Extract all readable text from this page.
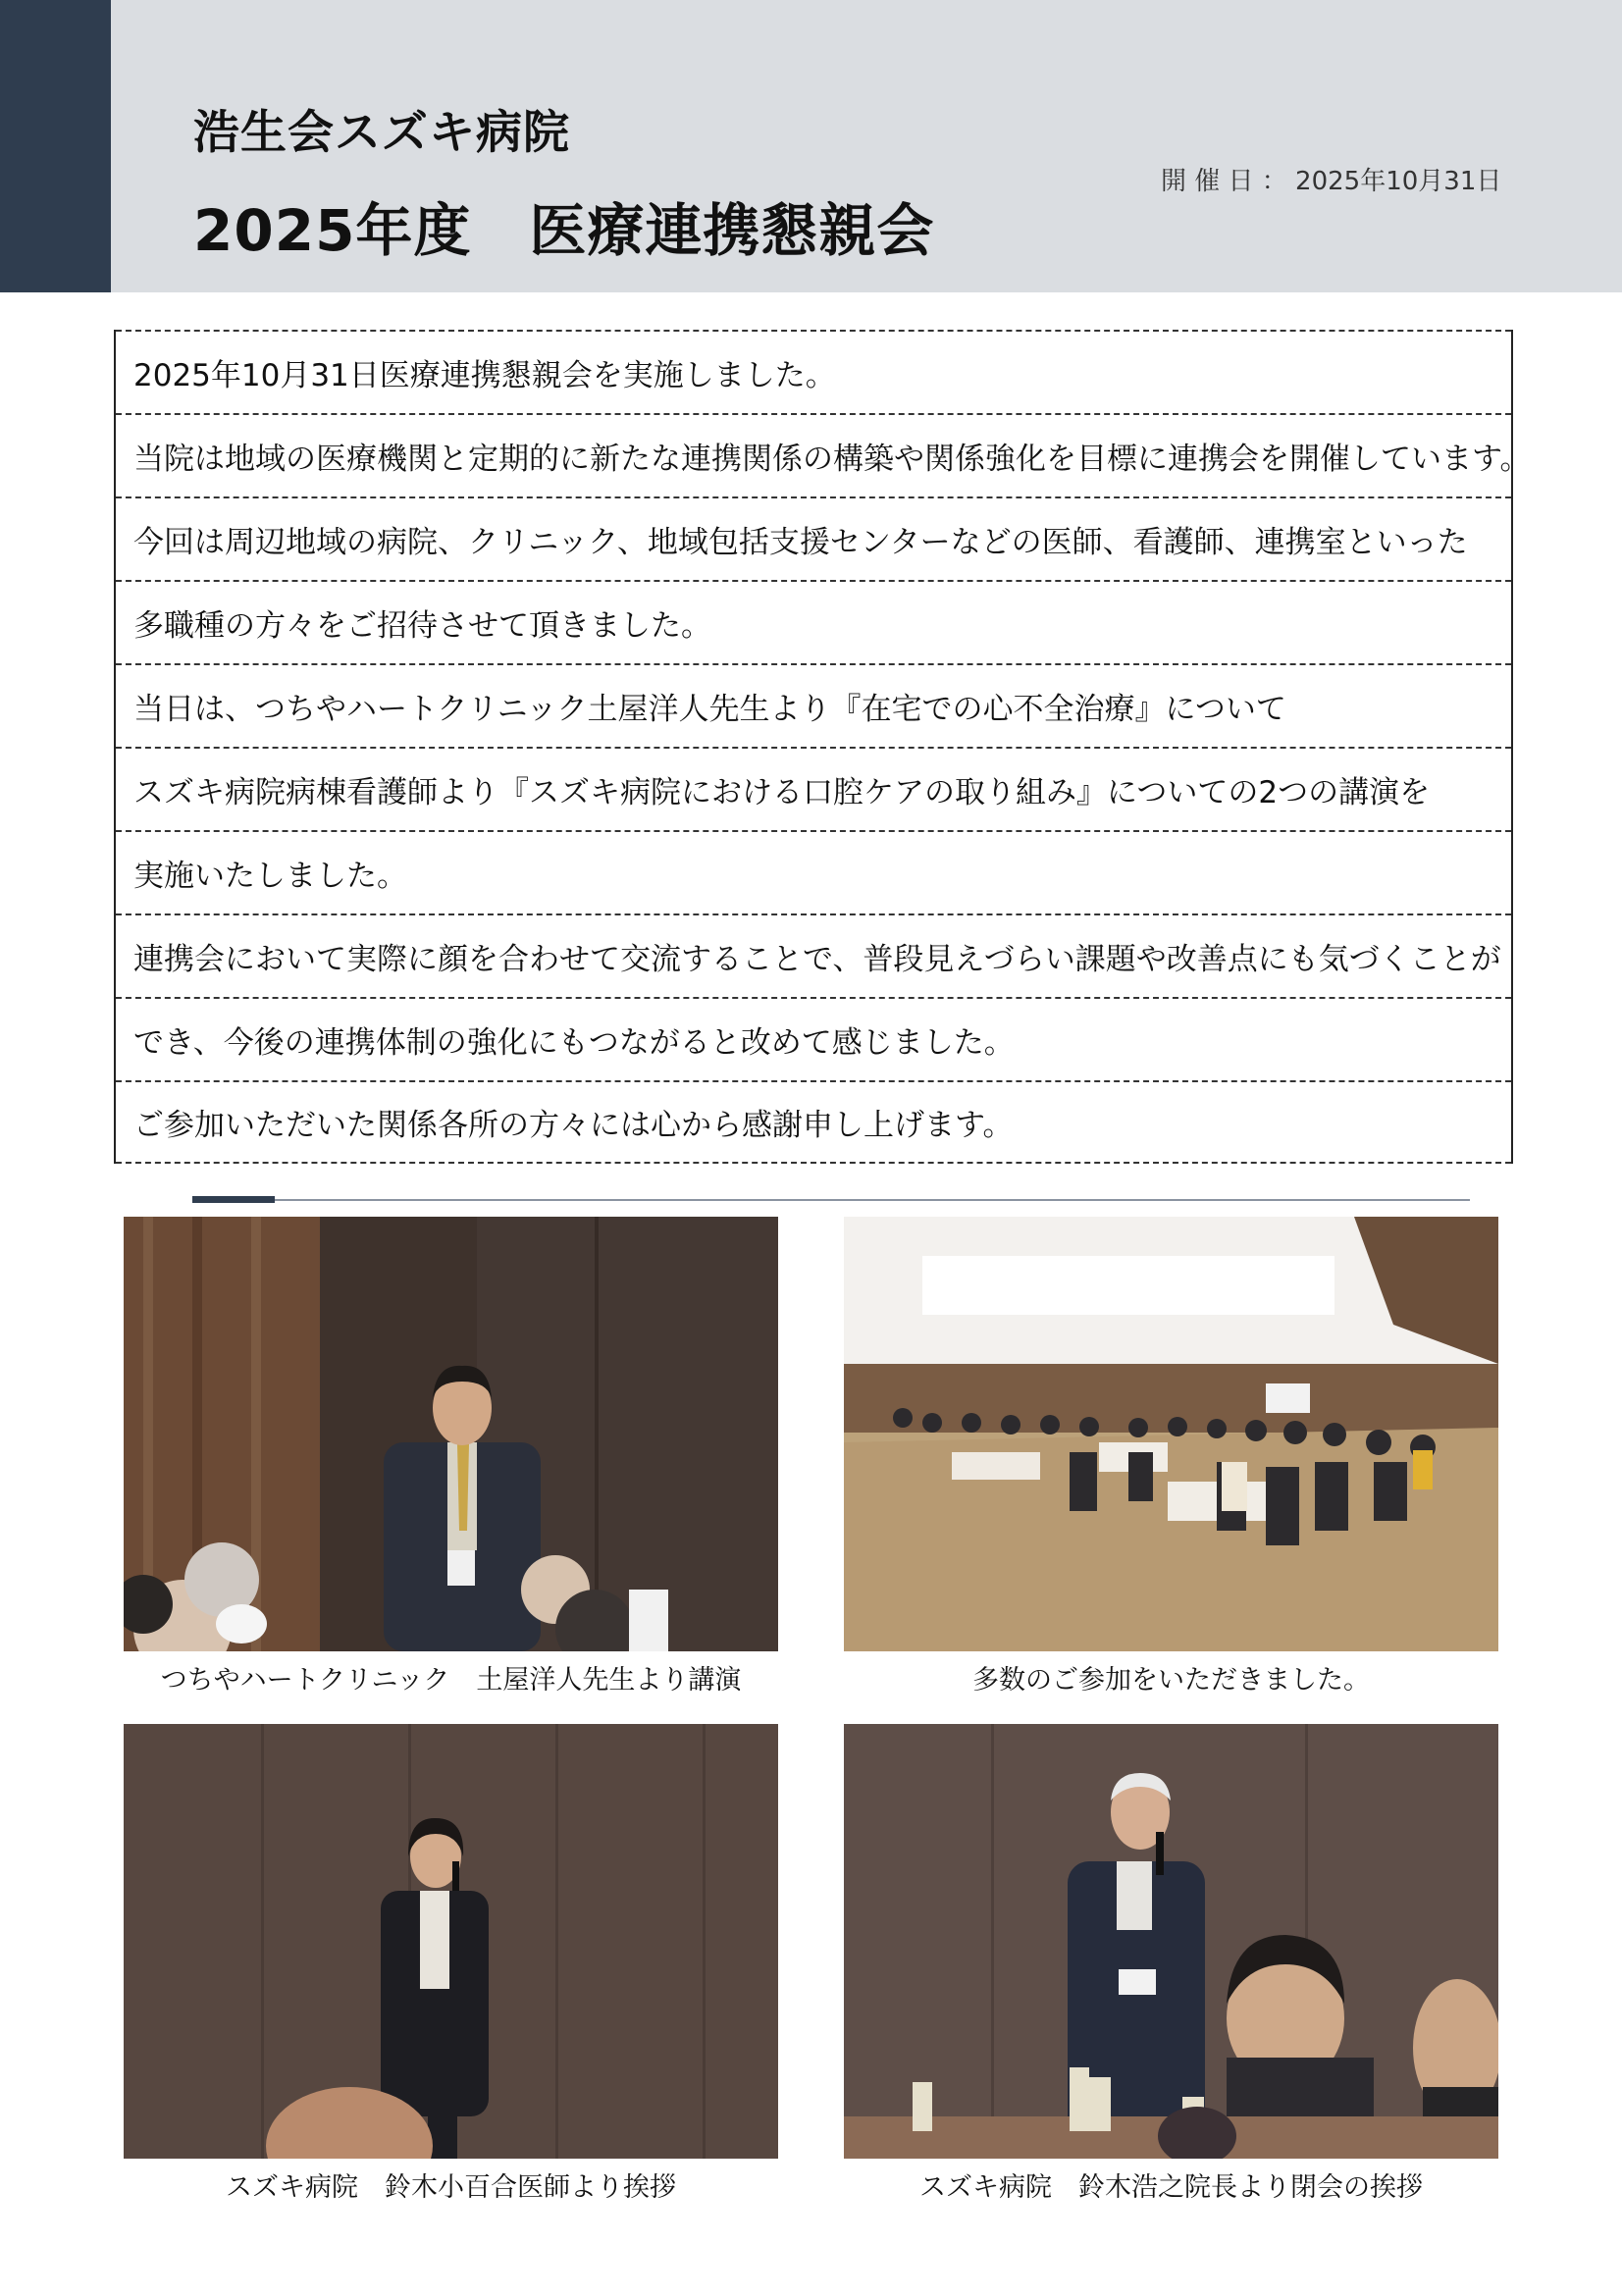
浩生会スズキ病院
2025年度　医療連携懇親会
開 催 日 ： 2025年10月31日
2025年10月31日医療連携懇親会を実施しました。
当院は地域の医療機関と定期的に新たな連携関係の構築や関係強化を目標に連携会を開催しています。
今回は周辺地域の病院、クリニック、地域包括支援センターなどの医師、看護師、連携室といった
多職種の方々をご招待させて頂きました。
当日は、つちやハートクリニック土屋洋人先生より『在宅での心不全治療』について
スズキ病院病棟看護師より『スズキ病院における口腔ケアの取り組み』についての2つの講演を
実施いたしました。
連携会において実際に顔を合わせて交流することで、普段見えづらい課題や改善点にも気づくことが
でき、今後の連携体制の強化にもつながると改めて感じました。
ご参加いただいた関係各所の方々には心から感謝申し上げます。
つちやハートクリニック　土屋洋人先生より講演	多数のご参加をいただきました。
スズキ病院　鈴木小百合医師より挨拶	スズキ病院　鈴木浩之院長より閉会の挨拶
